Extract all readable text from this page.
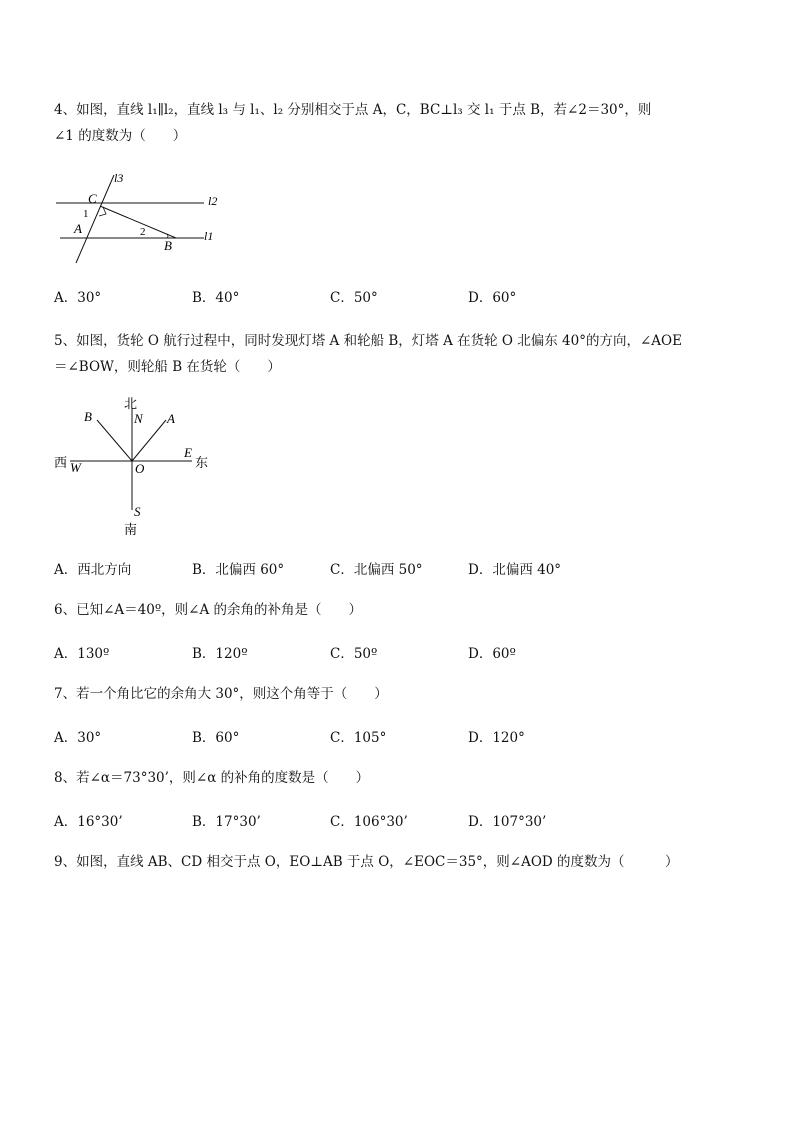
4、如图，直线 l₁∥l₂，直线 l₃ 与 l₁、l₂ 分别相交于点 A，C，BC⊥l₃ 交 l₁ 于点 B，若∠2＝30°，则
∠1 的度数为（　　）
l3
l2
l1
C
1
A	2
B
A．30°	B．40°	C．50°	D．60°
5、如图，货轮 O 航行过程中，同时发现灯塔 A 和轮船 B，灯塔 A 在货轮 O 北偏东 40°的方向，∠AOE
＝∠BOW，则轮船 B 在货轮（　　）
北
N
B	A
西 W	O
E
东
S
南
A．西北方向	B．北偏西 60°	C．北偏西 50°	D．北偏西 40°
6、已知∠A＝40º，则∠A 的余角的补角是（　　）
A．130º	B．120º	C．50º	D．60º
7、若一个角比它的余角大 30°，则这个角等于（　　）
A．30°	B．60°	C．105°	D．120°
8、若∠α＝73°30’，则∠α 的补角的度数是（　　）
A．16°30’	B．17°30’	C．106°30’	D．107°30’
9、如图，直线 AB、CD 相交于点 O，EO⊥AB 于点 O，∠EOC＝35°，则∠AOD 的度数为（　　　）
